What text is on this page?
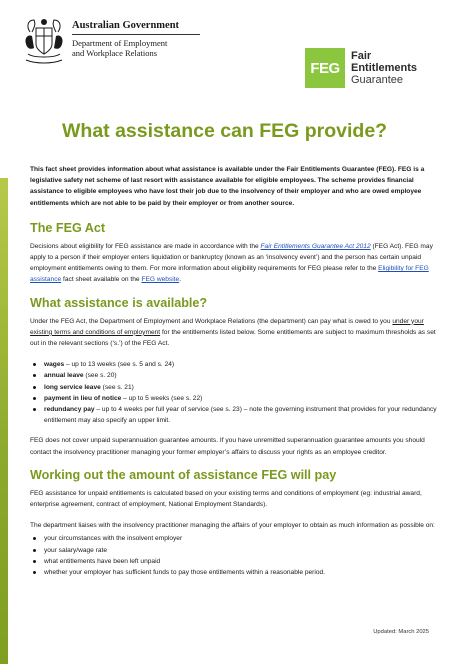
Australian Government
Department of Employment
and Workplace Relations
FEG
Fair
Entitlements
Guarantee
What assistance can FEG provide?

This fact sheet provides information about what assistance is available under the Fair Entitlements Guarantee (FEG). FEG is a legislative safety net scheme of last resort with assistance available for eligible employees. The scheme provides financial assistance to eligible employees who have lost their job due to the insolvency of their employer and who are owed employee entitlements which are not able to be paid by their employer or from another source.

The FEG Act

Decisions about eligibility for FEG assistance are made in accordance with the Fair Entitlements Guarantee Act 2012 (FEG Act). FEG may apply to a person if their employer enters liquidation or bankruptcy (known as an ‘insolvency event’) and the person has certain unpaid employment entitlements owing to them. For more information about eligibility requirements for FEG please refer to the Eligibility for FEG assistance fact sheet available on the FEG website.

What assistance is available?

Under the FEG Act, the Department of Employment and Workplace Relations (the department) can pay what is owed to you under your existing terms and conditions of employment for the entitlements listed below. Some entitlements are subject to maximum thresholds as set out in the relevant sections (‘s.’) of the FEG Act.

wages – up to 13 weeks (see s. 5 and s. 24)
annual leave (see s. 20)
long service leave (see s. 21)
payment in lieu of notice – up to 5 weeks (see s. 22)
redundancy pay – up to 4 weeks per full year of service (see s. 23) – note the governing instrument that provides for your redundancy entitlement may also specify an upper limit.

FEG does not cover unpaid superannuation guarantee amounts. If you have unremitted superannuation guarantee amounts you should contact the insolvency practitioner managing your former employer’s affairs to discuss your rights as an employee creditor.

Working out the amount of assistance FEG will pay

FEG assistance for unpaid entitlements is calculated based on your existing terms and conditions of employment (eg: industrial award, enterprise agreement, contract of employment, National Employment Standards).

The department liaises with the insolvency practitioner managing the affairs of your employer to obtain as much information as possible on:

your circumstances with the insolvent employer
your salary/wage rate
what entitlements have been left unpaid
whether your employer has sufficient funds to pay those entitlements within a reasonable period.
Updated: March 2025
